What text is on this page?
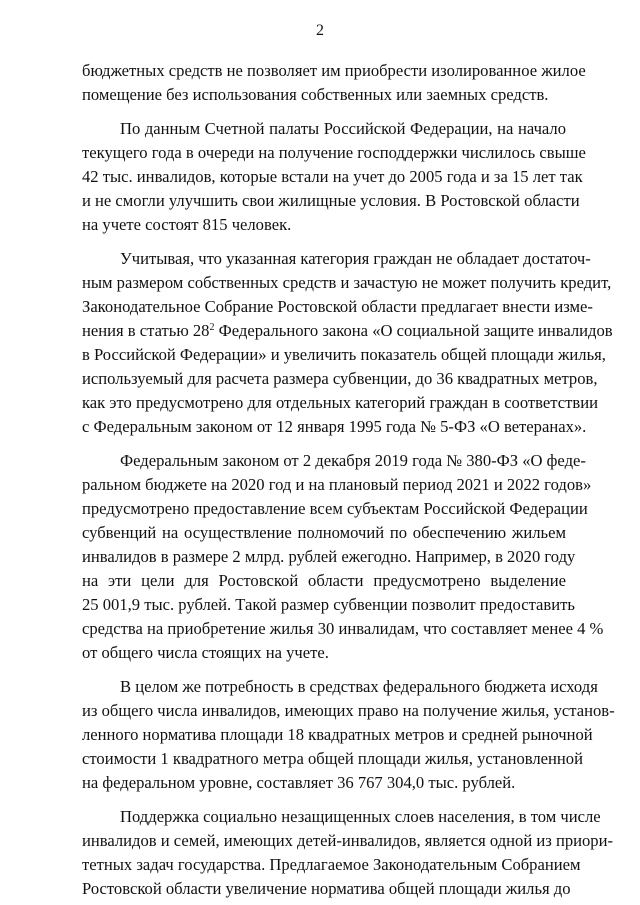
2
бюджетных средств не позволяет им приобрести изолированное жилое
помещение без использования собственных или заемных средств.
По данным Счетной палаты Российской Федерации, на начало
текущего года в очереди на получение господдержки числилось свыше
42 тыс. инвалидов, которые встали на учет до 2005 года и за 15 лет так
и не смогли улучшить свои жилищные условия. В Ростовской области
на учете состоят 815 человек.
Учитывая, что указанная категория граждан не обладает достаточ-
ным размером собственных средств и зачастую не может получить кредит,
Законодательное Собрание Ростовской области предлагает внести изме-
нения в статью $28^2$ Федерального закона «О социальной защите инвалидов
в Российской Федерации» и увеличить показатель общей площади жилья,
используемый для расчета размера субвенции, до 36 квадратных метров,
как это предусмотрено для отдельных категорий граждан в соответствии
с Федеральным законом от 12 января 1995 года № 5-ФЗ «О ветеранах».
Федеральным законом от 2 декабря 2019 года № 380-ФЗ «О феде-
ральном бюджете на 2020 год и на плановый период 2021 и 2022 годов»
предусмотрено предоставление всем субъектам Российской Федерации
субвенций на осуществление полномочий по обеспечению жильем
инвалидов в размере 2 млрд. рублей ежегодно. Например, в 2020 году
на эти цели для Ростовской области предусмотрено выделение
25 001,9 тыс. рублей. Такой размер субвенции позволит предоставить
средства на приобретение жилья 30 инвалидам, что составляет менее 4 %
от общего числа стоящих на учете.
В целом же потребность в средствах федерального бюджета исходя
из общего числа инвалидов, имеющих право на получение жилья, установ-
ленного норматива площади 18 квадратных метров и средней рыночной
стоимости 1 квадратного метра общей площади жилья, установленной
на федеральном уровне, составляет 36 767 304,0 тыс. рублей.
Поддержка социально незащищенных слоев населения, в том числе
инвалидов и семей, имеющих детей-инвалидов, является одной из приори-
тетных задач государства. Предлагаемое Законодательным Собранием
Ростовской области увеличение норматива общей площади жилья до
